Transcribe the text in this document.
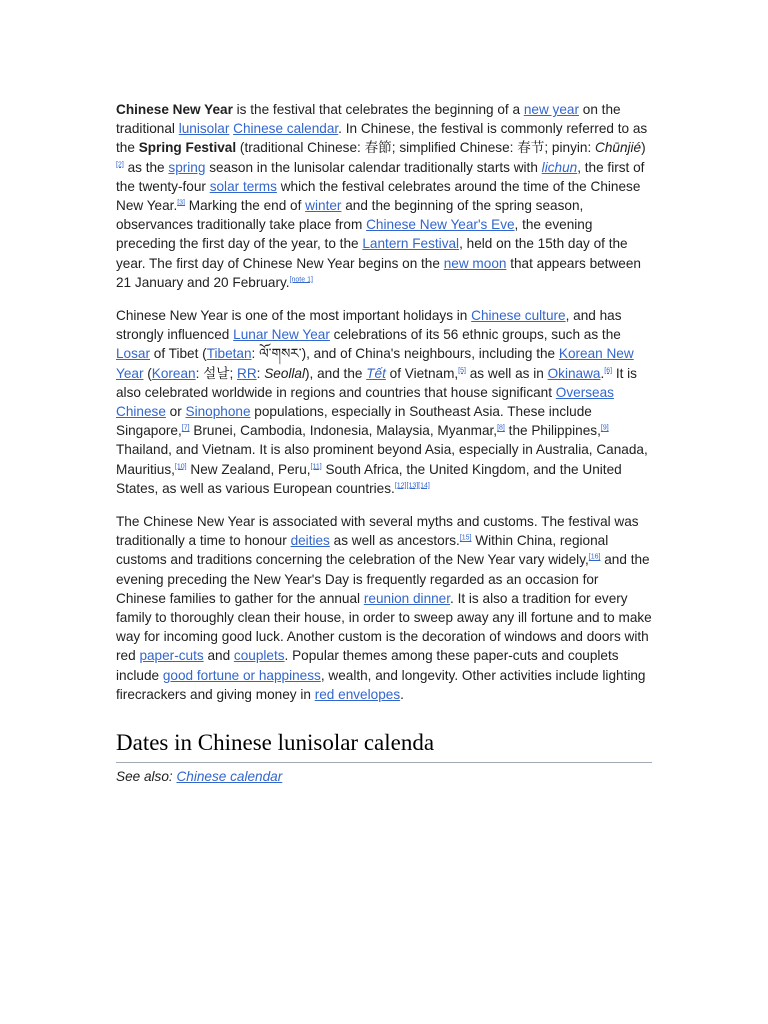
Chinese New Year is the festival that celebrates the beginning of a new year on the traditional lunisolar Chinese calendar. In Chinese, the festival is commonly referred to as the Spring Festival (traditional Chinese: 春節; simplified Chinese: 春节; pinyin: Chūnjié)[2] as the spring season in the lunisolar calendar traditionally starts with lichun, the first of the twenty-four solar terms which the festival celebrates around the time of the Chinese New Year.[3] Marking the end of winter and the beginning of the spring season, observances traditionally take place from Chinese New Year's Eve, the evening preceding the first day of the year, to the Lantern Festival, held on the 15th day of the year. The first day of Chinese New Year begins on the new moon that appears between 21 January and 20 February.[note 1]

Chinese New Year is one of the most important holidays in Chinese culture, and has strongly influenced Lunar New Year celebrations of its 56 ethnic groups, such as the Losar of Tibet (Tibetan: ལོ་གསར་), and of China's neighbours, including the Korean New Year (Korean: 설날; RR: Seollal), and the Tết of Vietnam,[5] as well as in Okinawa.[6] It is also celebrated worldwide in regions and countries that house significant Overseas Chinese or Sinophone populations, especially in Southeast Asia. These include Singapore,[7] Brunei, Cambodia, Indonesia, Malaysia, Myanmar,[8] the Philippines,[9] Thailand, and Vietnam. It is also prominent beyond Asia, especially in Australia, Canada, Mauritius,[10] New Zealand, Peru,[11] South Africa, the United Kingdom, and the United States, as well as various European countries.[12][13][14]

The Chinese New Year is associated with several myths and customs. The festival was traditionally a time to honour deities as well as ancestors.[15] Within China, regional customs and traditions concerning the celebration of the New Year vary widely,[16] and the evening preceding the New Year's Day is frequently regarded as an occasion for Chinese families to gather for the annual reunion dinner. It is also a tradition for every family to thoroughly clean their house, in order to sweep away any ill fortune and to make way for incoming good luck. Another custom is the decoration of windows and doors with red paper-cuts and couplets. Popular themes among these paper-cuts and couplets include good fortune or happiness, wealth, and longevity. Other activities include lighting firecrackers and giving money in red envelopes.

Dates in Chinese lunisolar calenda
See also: Chinese calendar
